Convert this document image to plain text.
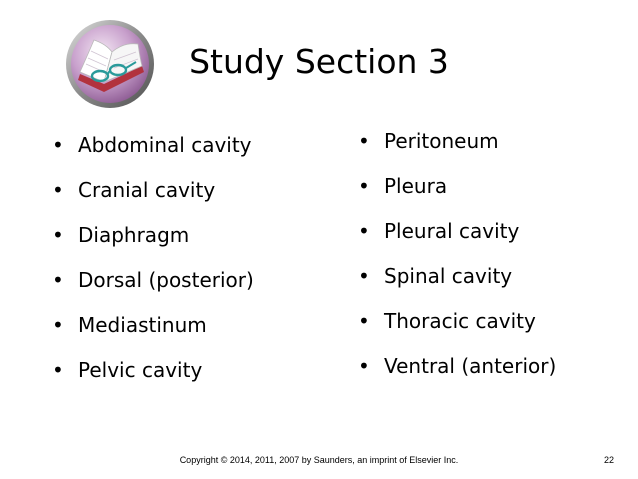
Study Section 3
• Abdominal cavity
• Cranial cavity
• Diaphragm
• Dorsal (posterior)
• Mediastinum
• Pelvic cavity
• Peritoneum
• Pleura
• Pleural cavity
• Spinal cavity
• Thoracic cavity
• Ventral (anterior)
Copyright © 2014, 2011, 2007 by Saunders, an imprint of Elsevier Inc.	22
